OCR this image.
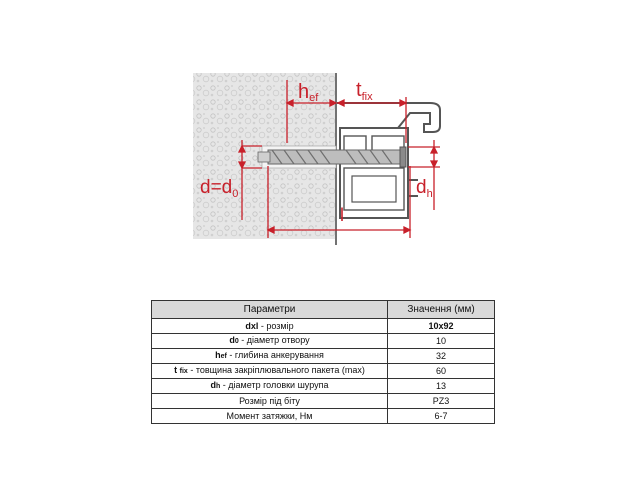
hef $t_{fix}$
$d=d_0$	$d_h$
l
Параметри	Значення (мм)
dxl - розмір	10x92
d0 - діаметр отвору	10
hef - глибина анкерування	32
t fix - товщина закріплювального пакета (max)	60
dh - діаметр головки шурупа	13
Розмір під біту	PZ3
Момент затяжки, Нм	6-7
